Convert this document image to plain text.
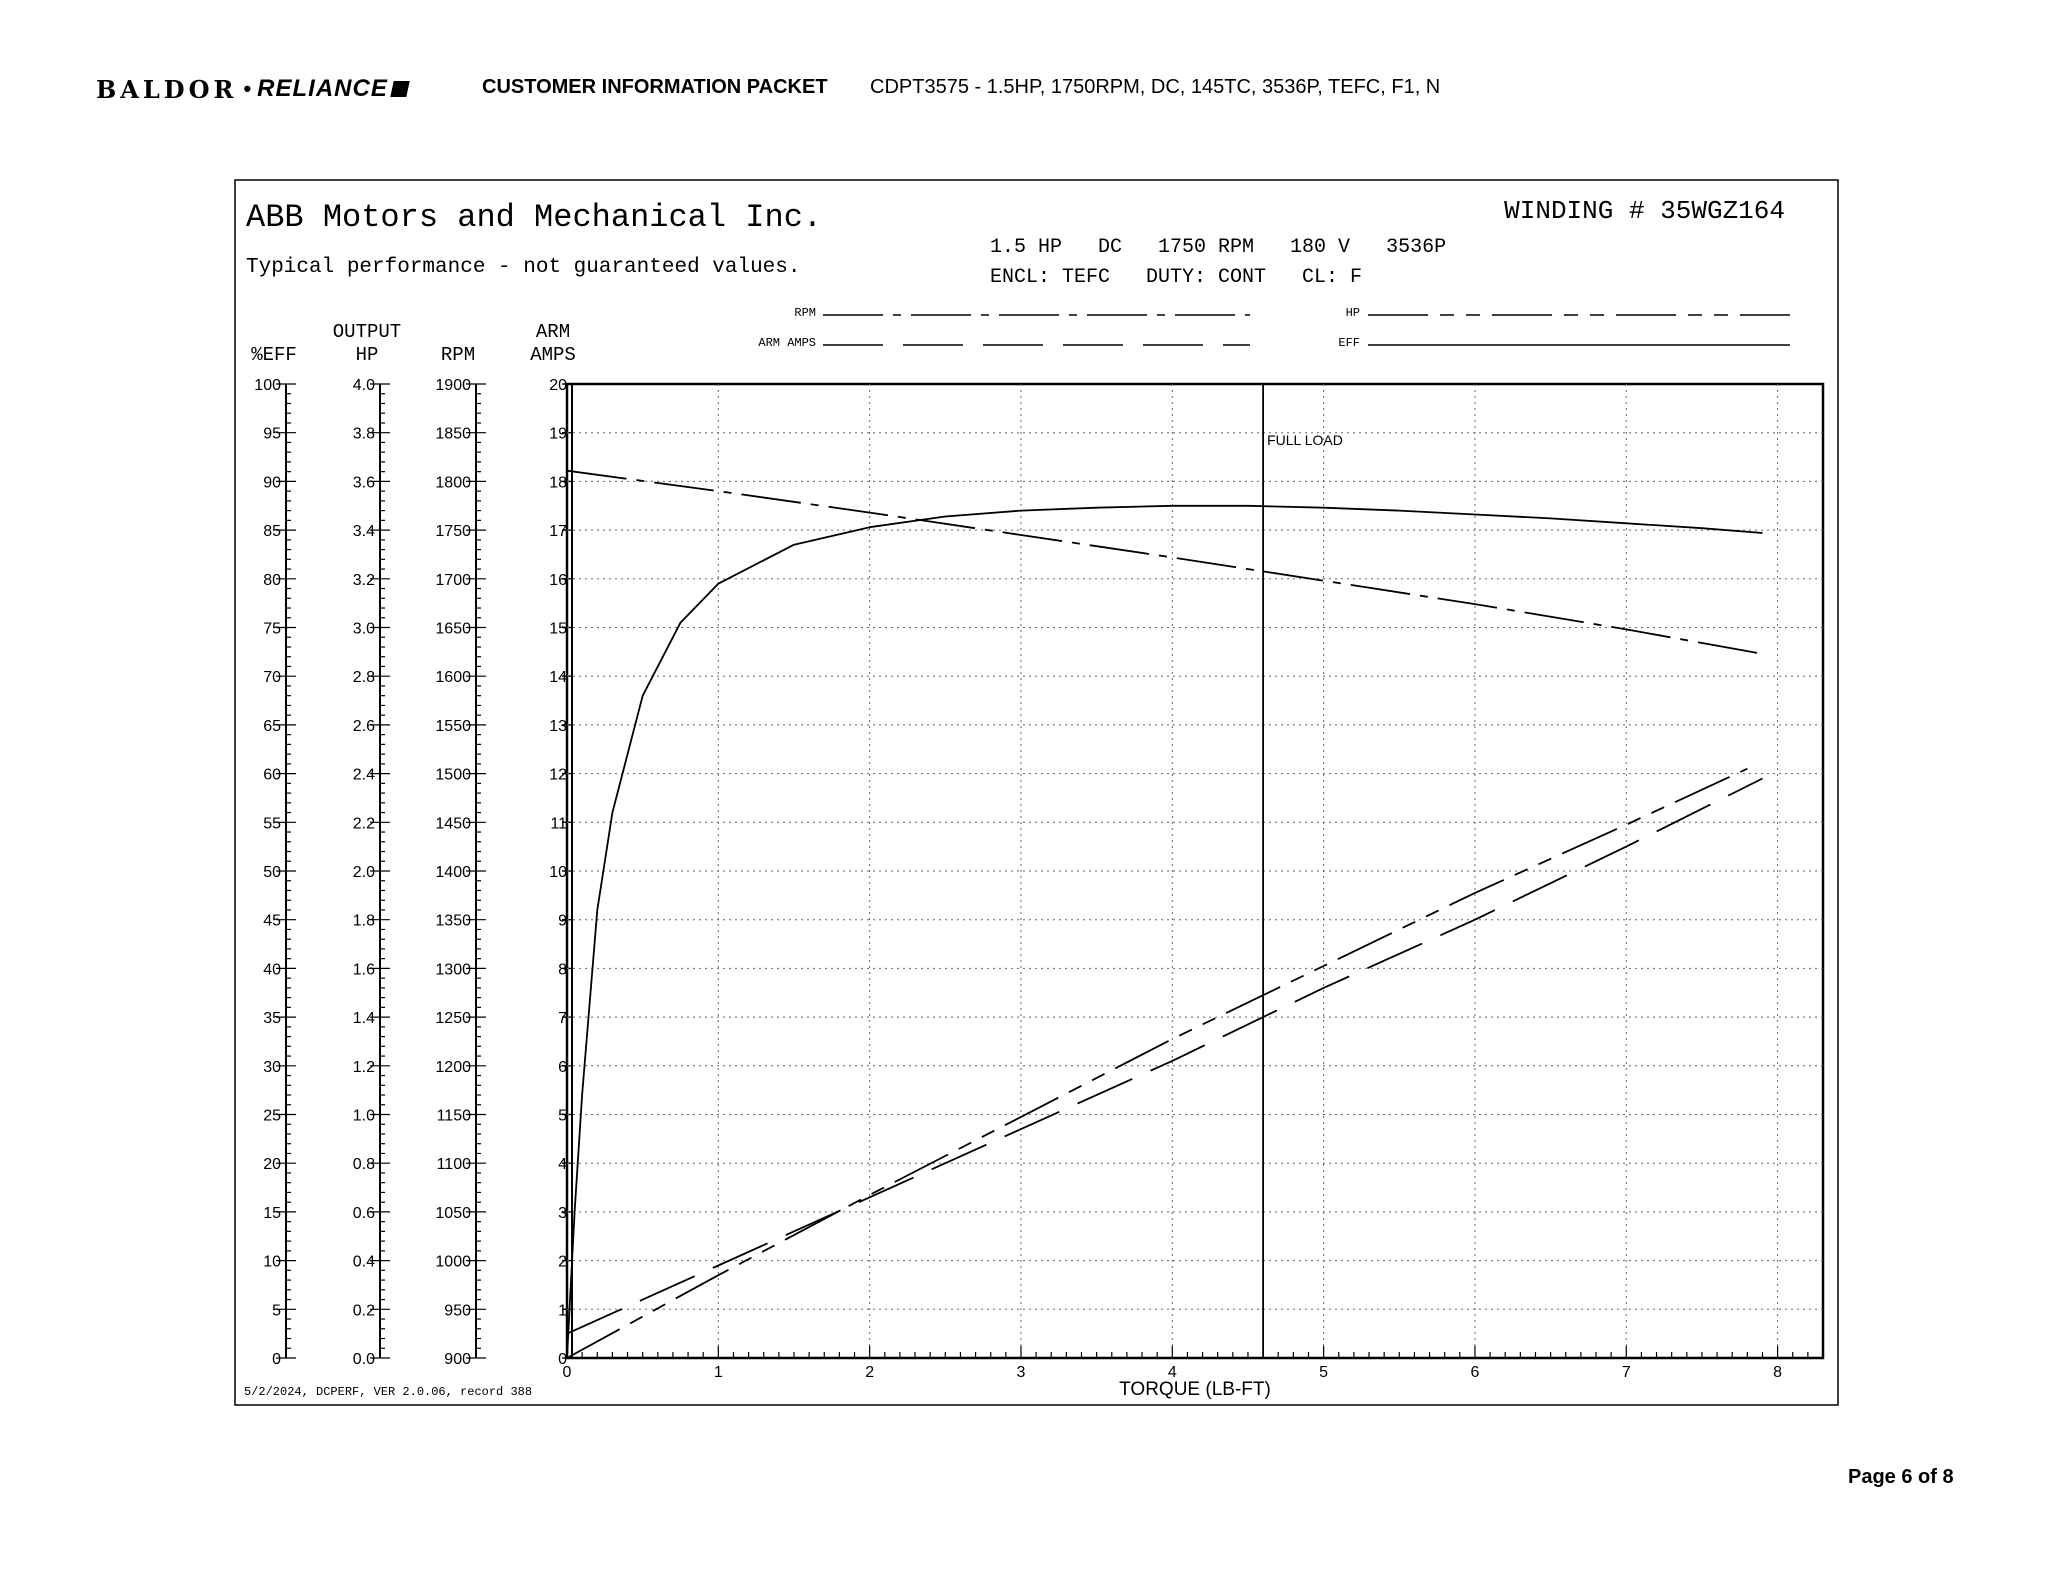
BALDOR • RELIANCE	CUSTOMER INFORMATION PACKET CDPT3575 - 1.5HP, 1750RPM, DC, 145TC, 3536P, TEFC, F1, N
ABB Motors and Mechanical Inc.
Typical performance - not guaranteed values.
WINDING # 35WGZ164
1.5 HP   DC   1750 RPM   180 V   3536P
ENCL: TEFC   DUTY: CONT   CL: F
RPM
ARM AMPS
HP
EFF
%EFF
OUTPUT
HP	RPM
ARM
AMPS
0
5
10
15
20
25
30
35
40
45
50
55
60
65
70
75
80
85
90
95
100
0.0
0.2
0.4
0.6
0.8
1.0
1.2
1.4
1.6
1.8
2.0
2.2
2.4
2.6
2.8
3.0
3.2
3.4
3.6
3.8
4.0
900
950
1000
1050
1100
1150
1200
1250
1300
1350
1400
1450
1500
1550
1600
1650
1700
1750
1800
1850
1900
0
1
2
3
4
5
6
7
8
9
10
11
12
13
14
15
16
17
18
19
20
0	1	2	3	4	5	6	7	8
TORQUE (LB-FT)
FULL LOAD
5/2/2024, DCPERF, VER 2.0.06, record 388
Page 6 of 8
